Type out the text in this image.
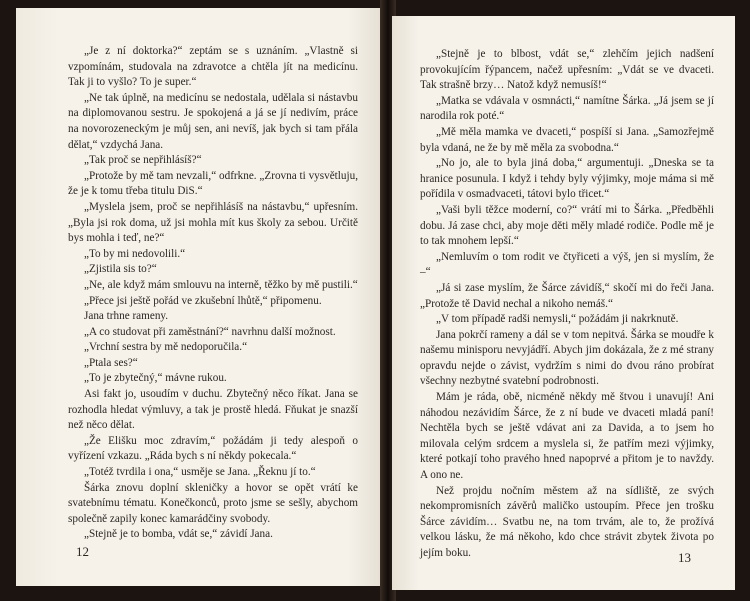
„Je z ní doktorka?“ zeptám se s uznáním. „Vlastně si vzpomínám, studovala na zdravotce a chtěla jít na medicínu. Tak ji to vyšlo? To je super.“

„Ne tak úplně, na medicínu se nedostala, udělala si nástavbu na diplomovanou sestru. Je spokojená a já se jí nedivím, práce na novorozeneckým je můj sen, ani nevíš, jak bych si tam přála dělat,“ vzdychá Jana.

„Tak proč se nepřihlásíš?“

„Protože by mě tam nevzali,“ odfrkne. „Zrovna ti vysvětluju, že je k tomu třeba titulu DiS.“

„Myslela jsem, proč se nepřihlásíš na nástavbu,“ upřesním. „Byla jsi rok doma, už jsi mohla mít kus školy za sebou. Určitě bys mohla i teď, ne?“

„To by mi nedovolili.“

„Zjistila sis to?“

„Ne, ale když mám smlouvu na interně, těžko by mě pustili.“

„Přece jsi ještě pořád ve zkušební lhůtě,“ připomenu.

Jana trhne rameny.

„A co studovat při zaměstnání?“ navrhnu další možnost.

„Vrchní sestra by mě nedoporučila.“

„Ptala ses?“

„To je zbytečný,“ mávne rukou.

Asi fakt jo, usoudím v duchu. Zbytečný něco říkat. Jana se rozhodla hledat výmluvy, a tak je prostě hledá. Fňukat je snazší než něco dělat.

„Že Elišku moc zdravím,“ požádám ji tedy alespoň o vyřízení vzkazu. „Ráda bych s ní někdy pokecala.“

„Totéž tvrdila i ona,“ usměje se Jana. „Řeknu jí to.“

Šárka znovu doplní skleničky a hovor se opět vrátí ke svatebnímu tématu. Konečkonců, proto jsme se sešly, abychom společně zapily konec kamarádčiny svobody.

„Stejně je to bomba, vdát se,“ závidí Jana.

12

„Stejně je to blbost, vdát se,“ zlehčím jejich nadšení provokujícím řýpancem, načež upřesním: „Vdát se ve dvaceti. Tak strašně brzy… Natož když nemusíš!“

„Matka se vdávala v osmnácti,“ namítne Šárka. „Já jsem se jí narodila rok poté.“

„Mě měla mamka ve dvaceti,“ pospíší si Jana. „Samozřejmě byla vdaná, ne že by mě měla za svobodna.“

„No jo, ale to byla jiná doba,“ argumentuji. „Dneska se ta hranice posunula. I když i tehdy byly výjimky, moje máma si mě pořídila v osmadvaceti, tátovi bylo třicet.“

„Vaši byli těžce moderní, co?“ vrátí mi to Šárka. „Předběhli dobu. Já zase chci, aby moje děti měly mladé rodiče. Podle mě je to tak mnohem lepší.“

„Nemluvím o tom rodit ve čtyřiceti a výš, jen si myslím, že –“

„Já si zase myslím, že Šárce závidíš,“ skočí mi do řeči Jana. „Protože tě David nechal a nikoho nemáš.“

„V tom případě radši nemysli,“ požádám ji nakrknutě.

Jana pokrčí rameny a dál se v tom nepitvá. Šárka se moudře k našemu minisporu nevyjádří. Abych jim dokázala, že z mé strany opravdu nejde o závist, vydržím s nimi do dvou ráno probírat všechny nezbytné svatební podrobnosti.

Mám je ráda, obě, nicméně někdy mě štvou i unavují! Ani náhodou nezávidím Šárce, že z ní bude ve dvaceti mladá paní! Nechtěla bych se ještě vdávat ani za Davida, a to jsem ho milovala celým srdcem a myslela si, že patřím mezi výjimky, které potkají toho pravého hned napoprvé a přitom je to navždy. A ono ne.

Než projdu nočním městem až na sídliště, ze svých nekompromisních závěrů maličko ustoupím. Přece jen trošku Šárce závidím… Svatbu ne, na tom trvám, ale to, že prožívá velkou lásku, že má někoho, kdo chce strávit zbytek života po jejím boku.	13
